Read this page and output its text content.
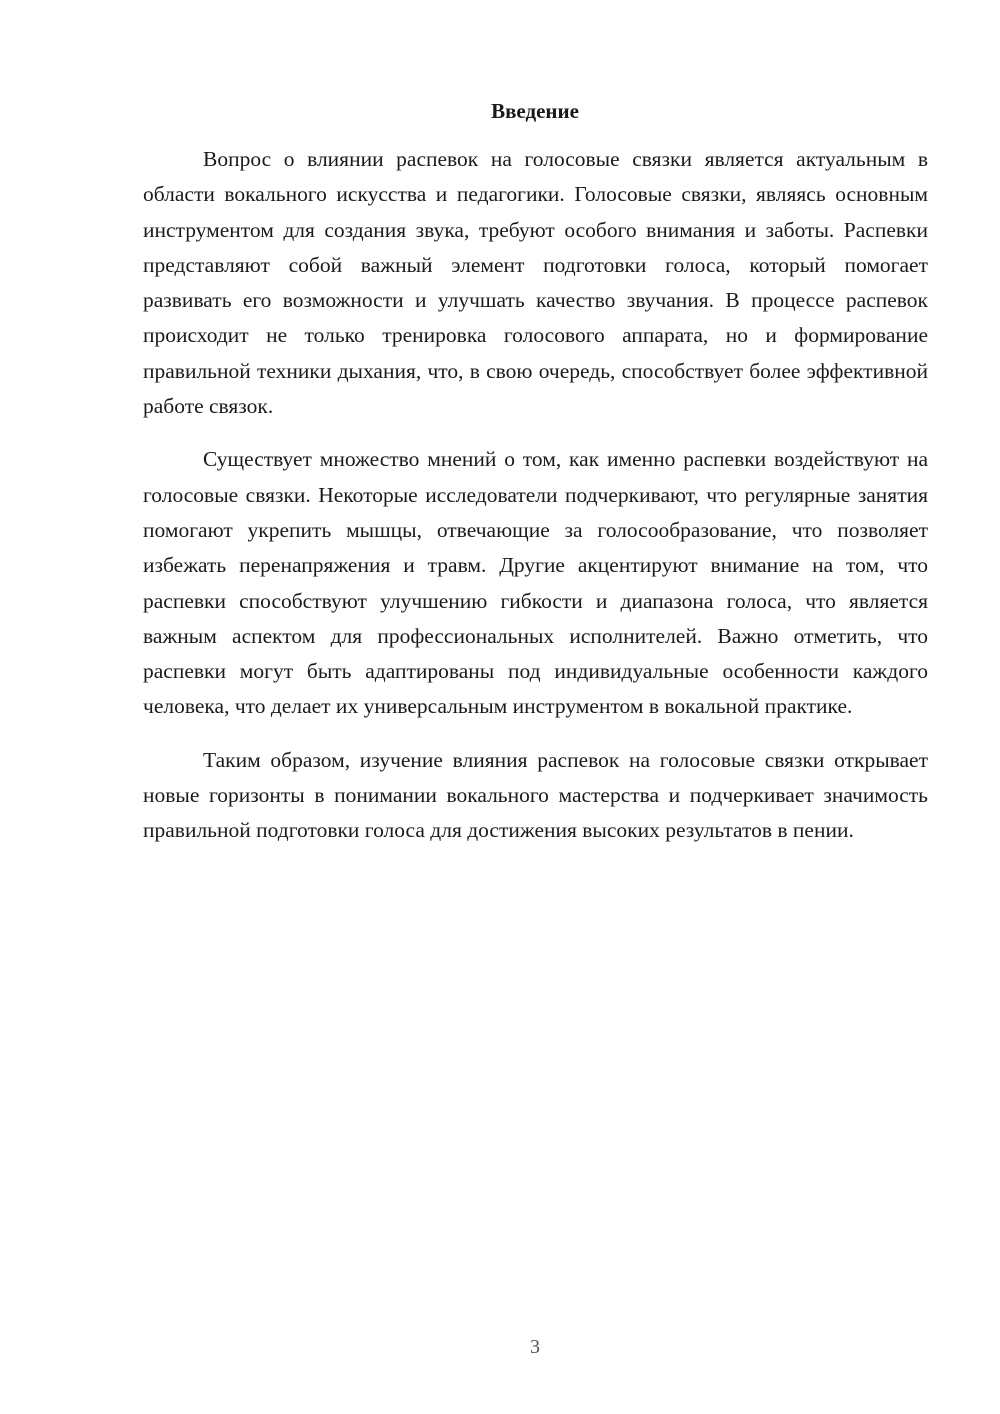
Введение

Вопрос о влиянии распевок на голосовые связки является актуальным в области вокального искусства и педагогики. Голосовые связки, являясь основным инструментом для создания звука, требуют особого внимания и заботы. Распевки представляют собой важный элемент подготовки голоса, который помогает развивать его возможности и улучшать качество звучания. В процессе распевок происходит не только тренировка голосового аппарата, но и формирование правильной техники дыхания, что, в свою очередь, способствует более эффективной работе связок.

Существует множество мнений о том, как именно распевки воздействуют на голосовые связки. Некоторые исследователи подчеркивают, что регулярные занятия помогают укрепить мышцы, отвечающие за голосообразование, что позволяет избежать перенапряжения и травм. Другие акцентируют внимание на том, что распевки способствуют улучшению гибкости и диапазона голоса, что является важным аспектом для профессиональных исполнителей. Важно отметить, что распевки могут быть адаптированы под индивидуальные особенности каждого человека, что делает их универсальным инструментом в вокальной практике.

Таким образом, изучение влияния распевок на голосовые связки открывает новые горизонты в понимании вокального мастерства и подчеркивает значимость правильной подготовки голоса для достижения высоких результатов в пении.

3
